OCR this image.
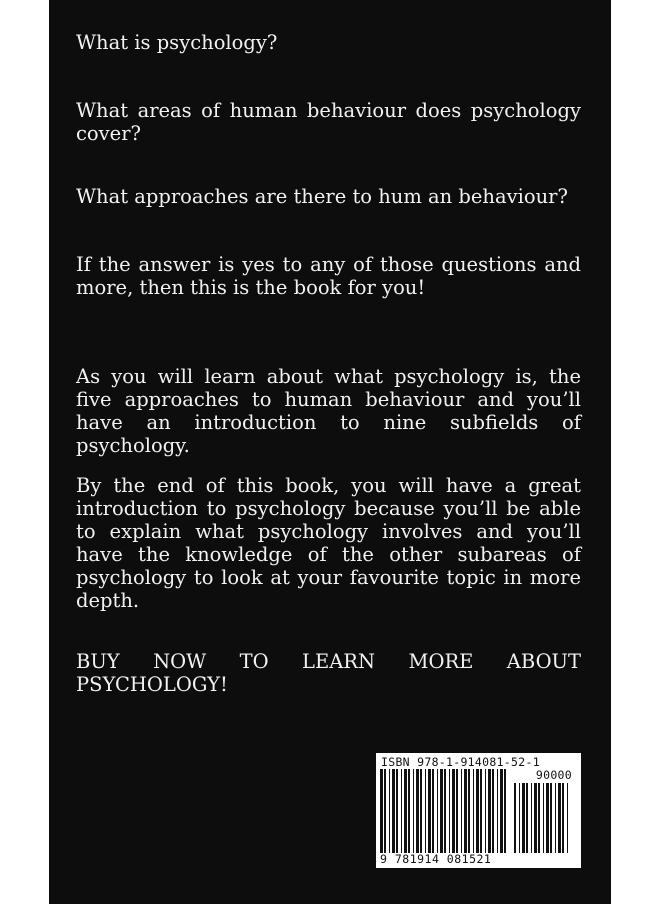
What is psychology?

What areas of human behaviour does psychology cover?

What approaches are there to hum an behaviour?

If the answer is yes to any of those questions and more, then this is the book for you!

As you will learn about what psychology is, the five approaches to human behaviour and you’ll have an introduction to nine subfields of psychology.

By the end of this book, you will have a great introduction to psychology because you’ll be able to explain what psychology involves and you’ll have the knowledge of the other subareas of psychology to look at your favourite topic in more depth.

BUY NOW TO LEARN MORE ABOUT PSYCHOLOGY!

ISBN 978-1-914081-52-1
90000
9 781914 081521
